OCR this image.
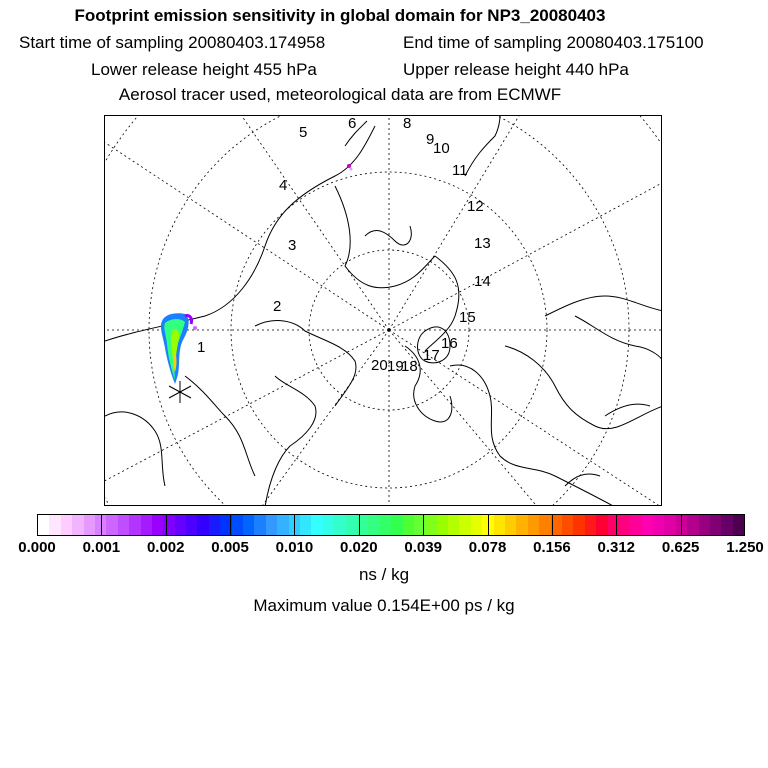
Footprint emission sensitivity in global domain for NP3_20080403
Start time of sampling 20080403.174958	End time of sampling 20080403.175100
Lower release height 455 hPa	Upper release height 440 hPa
Aerosol tracer used, meteorological data are from ECMWF
1
2
3
4
5
6	8
9
10
11
12
13
14
15
16
17
18
19
20
0.000 0.001 0.002 0.005 0.010 0.020 0.039 0.078 0.156 0.312 0.625 1.250
ns / kg
Maximum value 0.154E+00 ps / kg
